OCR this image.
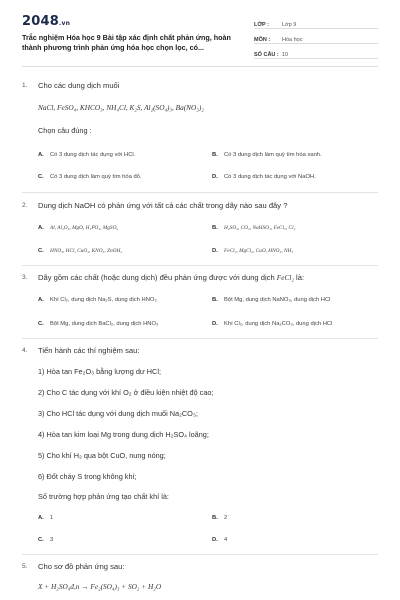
2048.vn
Trắc nghiệm Hóa học 9 Bài tập xác định chất phản ứng, hoàn thành phương trình phản ứng hóa học chọn lọc, có...
LỚP :	Lớp 9
MÔN :	Hóa học
SỐ CÂU : 10
1.	Cho các dung dịch muối
NaCl, FeSO₄, KHCO₃, NH₄Cl, K₂S, Al₂(SO₄)₃, Ba(NO₃)₂
Chọn câu đúng :
A. Có 3 dung dịch tác dụng với HCl.	B. Có 3 dung dịch làm quỳ tím hóa xanh.
C. Có 3 dung dịch làm quỳ tím hóa đỏ.	D. Có 3 dung dịch tác dụng với NaOH.
2.	Dung dịch NaOH có phản ứng với tất cả các chất trong dãy nào sau đây ?
A. Al, Al₂O₃, MgO, H₃PO₄, MgSO₄	B. H₂SO₄, CO₂, NaHSO₃, FeCl₂, Cl₂
C. HNO₃, HCl, CuO₄, KNO₃, ZnOH₂	D. FeCl₃, MgCl₂, CuO, HNO₃, NH₃
3.	Dãy gồm các chất (hoặc dung dịch) đều phản ứng được với dung dịch FeCl₂ là:
A. Khí Cl₂, dung dịch Na₂S, dung dịch HNO₃	B. Bột Mg, dung dịch NaNO₃, dung dịch HCl
C. Bột Mg, dung dịch BaCl₂, dung dịch HNO₃	D. Khí Cl₂, dung dịch Na₂CO₃, dung dịch HCl
4.	Tiến hành các thí nghiệm sau:
1) Hòa tan Fe₂O₃ bằng lượng dư HCl;
2) Cho C tác dụng với khí O₂ ở điều kiện nhiệt độ cao;
3) Cho HCl tác dụng với dung dịch muối Na₂CO₃;
4) Hòa tan kim loại Mg trong dung dịch H₂SO₄ loãng;
5) Cho khí H₂ qua bột CuO, nung nóng;
6) Đốt cháy S trong không khí;
Số trường hợp phản ứng tạo chất khí là:
A. 1	B. 2
C. 3	D. 4
5.	Cho sơ đồ phản ứng sau:
X + H₂SO₄đ,n → Fe₂(SO₄)₃ + SO₂ + H₂O
